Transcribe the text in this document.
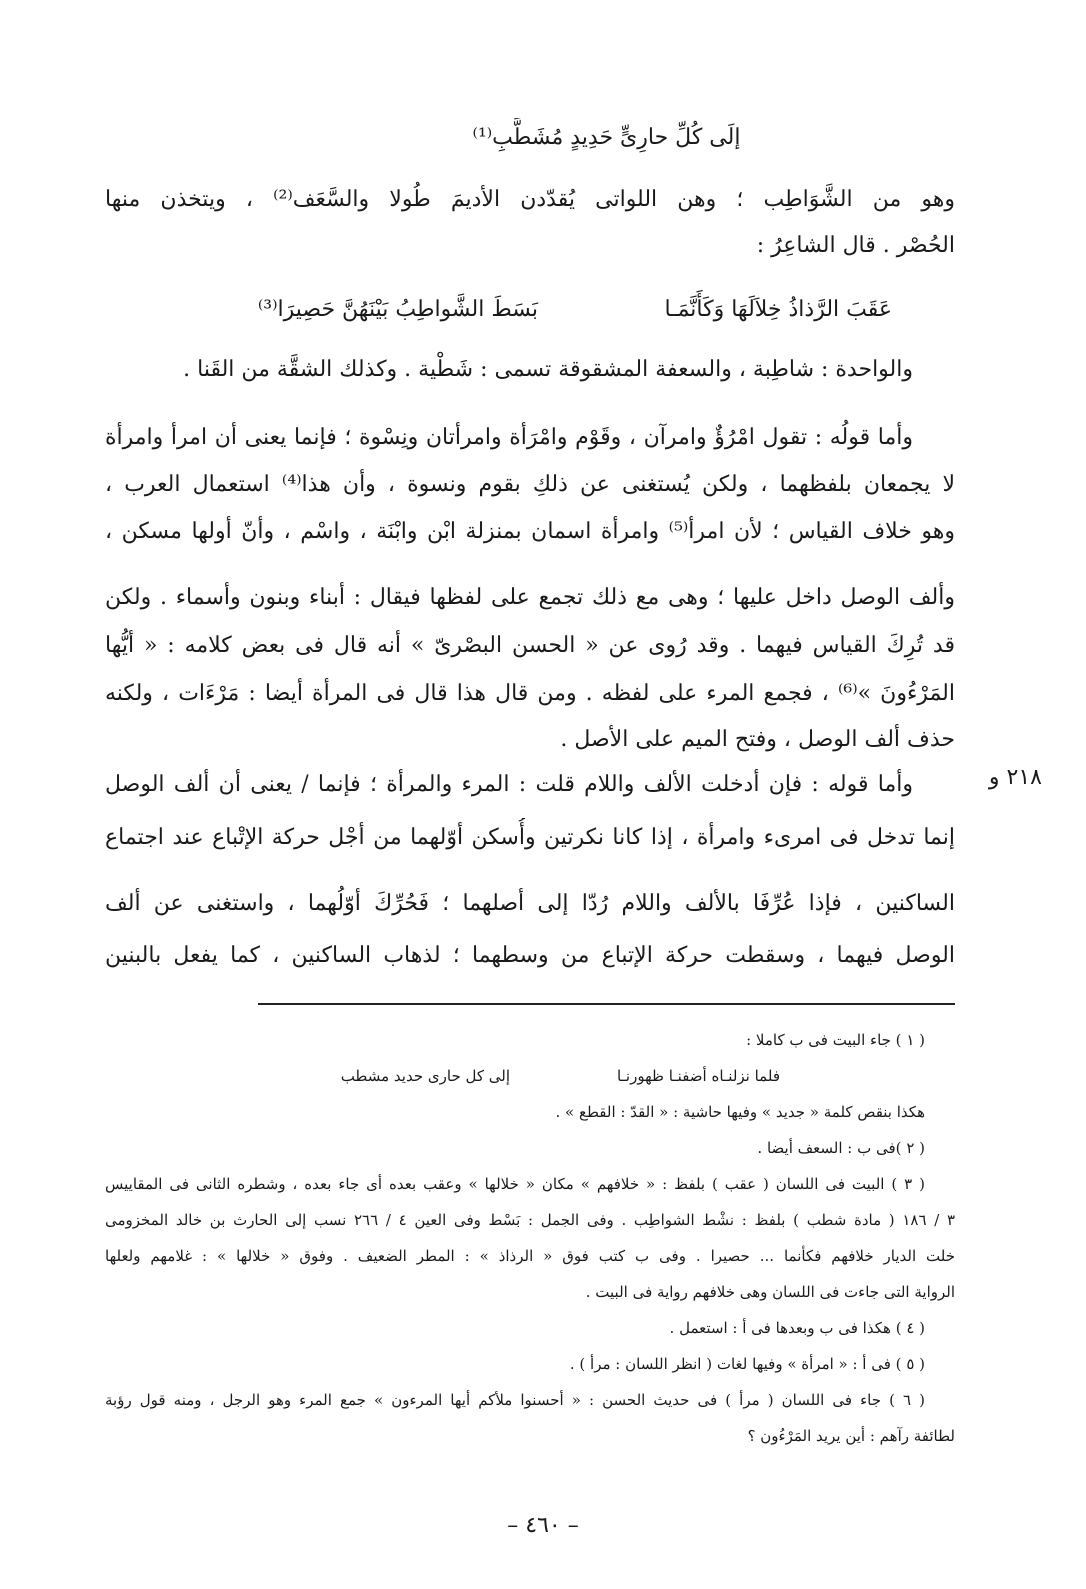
إلَى كُلِّ حارِىٍّ حَدِيدٍ مُشَطَّبِ⁽¹⁾
وهو من الشَّوَاطِب ؛ وهن اللواتى يُقدّدن الأديمَ طُولا والسَّعَف⁽²⁾ ، ويتخذن منها
الحُصْر . قال الشاعِرُ :
عَقَبَ الرَّذاذُ خِلاَلَهَا وَكَأَنَّمَـا
بَسَطَ الشَّواطِبُ بَيْنَهُنَّ حَصِيرَا⁽³⁾
والواحدة : شاطِبة ، والسعفة المشقوقة تسمى : شَطْية . وكذلك الشقَّة من القَنا .
وأما قولُه : تقول امْرُؤٌ وامرآن ، وقَوْم وامْرَأة وامرأتان ونِسْوة ؛ فإنما يعنى أن امرأ وامرأة
لا يجمعان بلفظهما ، ولكن يُستغنى عن ذلكِ بقوم ونسوة ، وأن هذا⁽⁴⁾ استعمال العرب ،
وهو خلاف القياس ؛ لأن امرأ⁽⁵⁾ وامرأة اسمان بمنزلة ابْن وابْنَة ، واسْم ، وأنّ أولها مسكن ،
وألف الوصل داخل عليها ؛ وهى مع ذلك تجمع على لفظها فيقال : أبناء وبنون وأسماء . ولكن
قد تُرِكَ القياس فيهما . وقد رُوى عن « الحسن البصْرىّ » أنه قال فى بعض كلامه : « أيُّها
المَرْءُونَ »⁽⁶⁾ ، فجمع المرء على لفظه . ومن قال هذا قال فى المرأة أيضا : مَرْءَات ، ولكنه
حذف ألف الوصل ، وفتح الميم على الأصل .
٢١٨ و
وأما قوله : فإن أدخلت الألف واللام قلت : المرء والمرأة ؛ فإنما / يعنى أن ألف الوصل
إنما تدخل فى امرىء وامرأة ، إذا كانا نكرتين وأُسكن أوّلهما من أجْل حركة الإتْباع عند اجتماع
الساكنين ، فإذا عُرِّفَا بالألف واللام رُدّا إلى أصلهما ؛ فَحُرِّكَ أوّلُهما ، واستغنى عن ألف
الوصل فيهما ، وسقطت حركة الإتباع من وسطهما ؛ لذهاب الساكنين ، كما يفعل بالبنين
( ١ ) جاء البيت فى ب كاملا :
فلما نزلنـاه أضفنـا ظهورنـا
إلى كل حارى حديد مشطب
هكذا بنقص كلمة « جديد » وفيها حاشية : « القدّ : القطع » .
( ٢ )فى ب : السعف أيضا .
( ٣ ) البيت فى اللسان ( عقب ) بلفظ : « خلافهم » مكان « خلالها » وعقب بعده أى جاء بعده ، وشطره الثانى فى المقاييس
٣ / ١٨٦ ( مادة شطب ) بلفظ : نشْط الشواطِب . وفى الجمل : بَسْط وفى العين ٤ / ٢٦٦ نسب إلى الحارث بن خالد المخزومى
خلت الديار خلافهم فكأنما ... حصيرا . وفى ب كتب فوق « الرذاذ » : المطر الضعيف . وفوق « خلالها » : غلامهم ولعلها
الرواية التى جاءت فى اللسان وهى خلافهم رواية فى البيت .
( ٤ ) هكذا فى ب وبعدها فى أ : استعمل .
( ٥ ) فى أ : « امرأة » وفيها لغات ( انظر اللسان : مرأ ) .
( ٦ ) جاء فى اللسان ( مرأ ) فى حديث الحسن : « أحسنوا ملأكم أيها المرءون » جمع المرء وهو الرجل ، ومنه قول رؤبة
لطائفة رآهم : أين يريد المَرْءُون ؟
– ٤٦٠ –
